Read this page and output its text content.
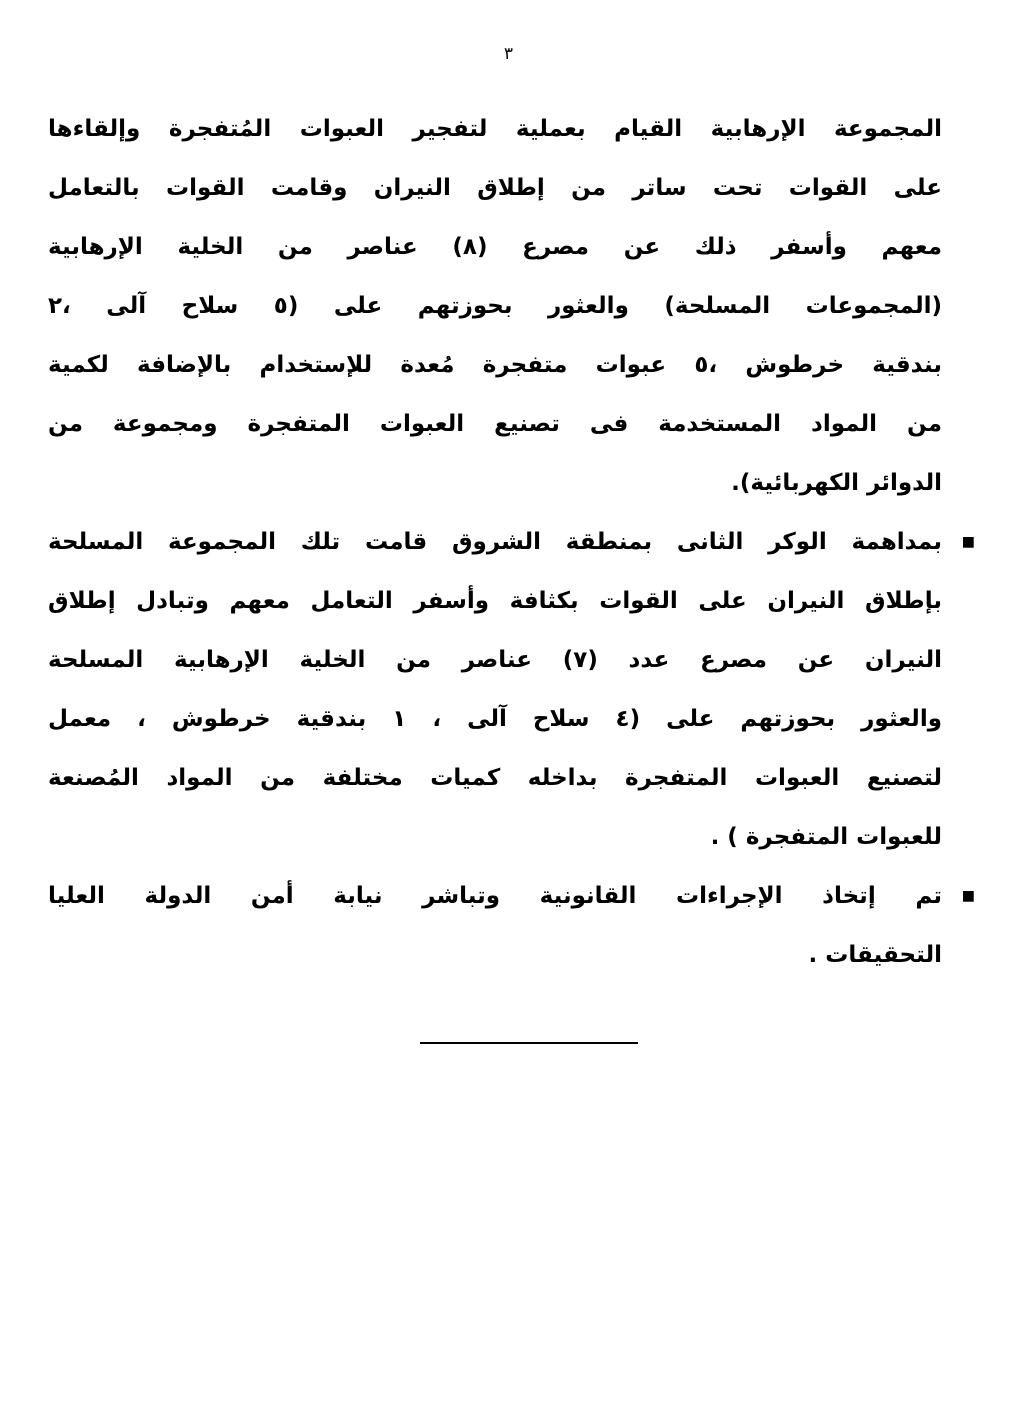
٣
المجموعة الإرهابية القيام بعملية لتفجير العبوات المُتفجرة وإلقاءها
على القوات تحت ساتر من إطلاق النيران وقامت القوات بالتعامل
معهم وأسفر ذلك عن مصرع (٨) عناصر من الخلية الإرهابية
(المجموعات المسلحة) والعثور بحوزتهم على (٥ سلاح آلى ،٢
بندقية خرطوش ،٥ عبوات متفجرة مُعدة للإستخدام بالإضافة لكمية
من المواد المستخدمة فى تصنيع العبوات المتفجرة ومجموعة من
الدوائر الكهربائية).
■
بمداهمة الوكر الثانى بمنطقة الشروق قامت تلك المجموعة المسلحة
بإطلاق النيران على القوات بكثافة وأسفر التعامل معهم وتبادل إطلاق
النيران عن مصرع عدد (٧) عناصر من الخلية الإرهابية المسلحة
والعثور بحوزتهم على (٤ سلاح آلى ، ١ بندقية خرطوش ، معمل
لتصنيع العبوات المتفجرة بداخله كميات مختلفة من المواد المُصنعة
للعبوات المتفجرة ) .
■
تم إتخاذ الإجراءات القانونية وتباشر نيابة أمن الدولة العليا
التحقيقات .
